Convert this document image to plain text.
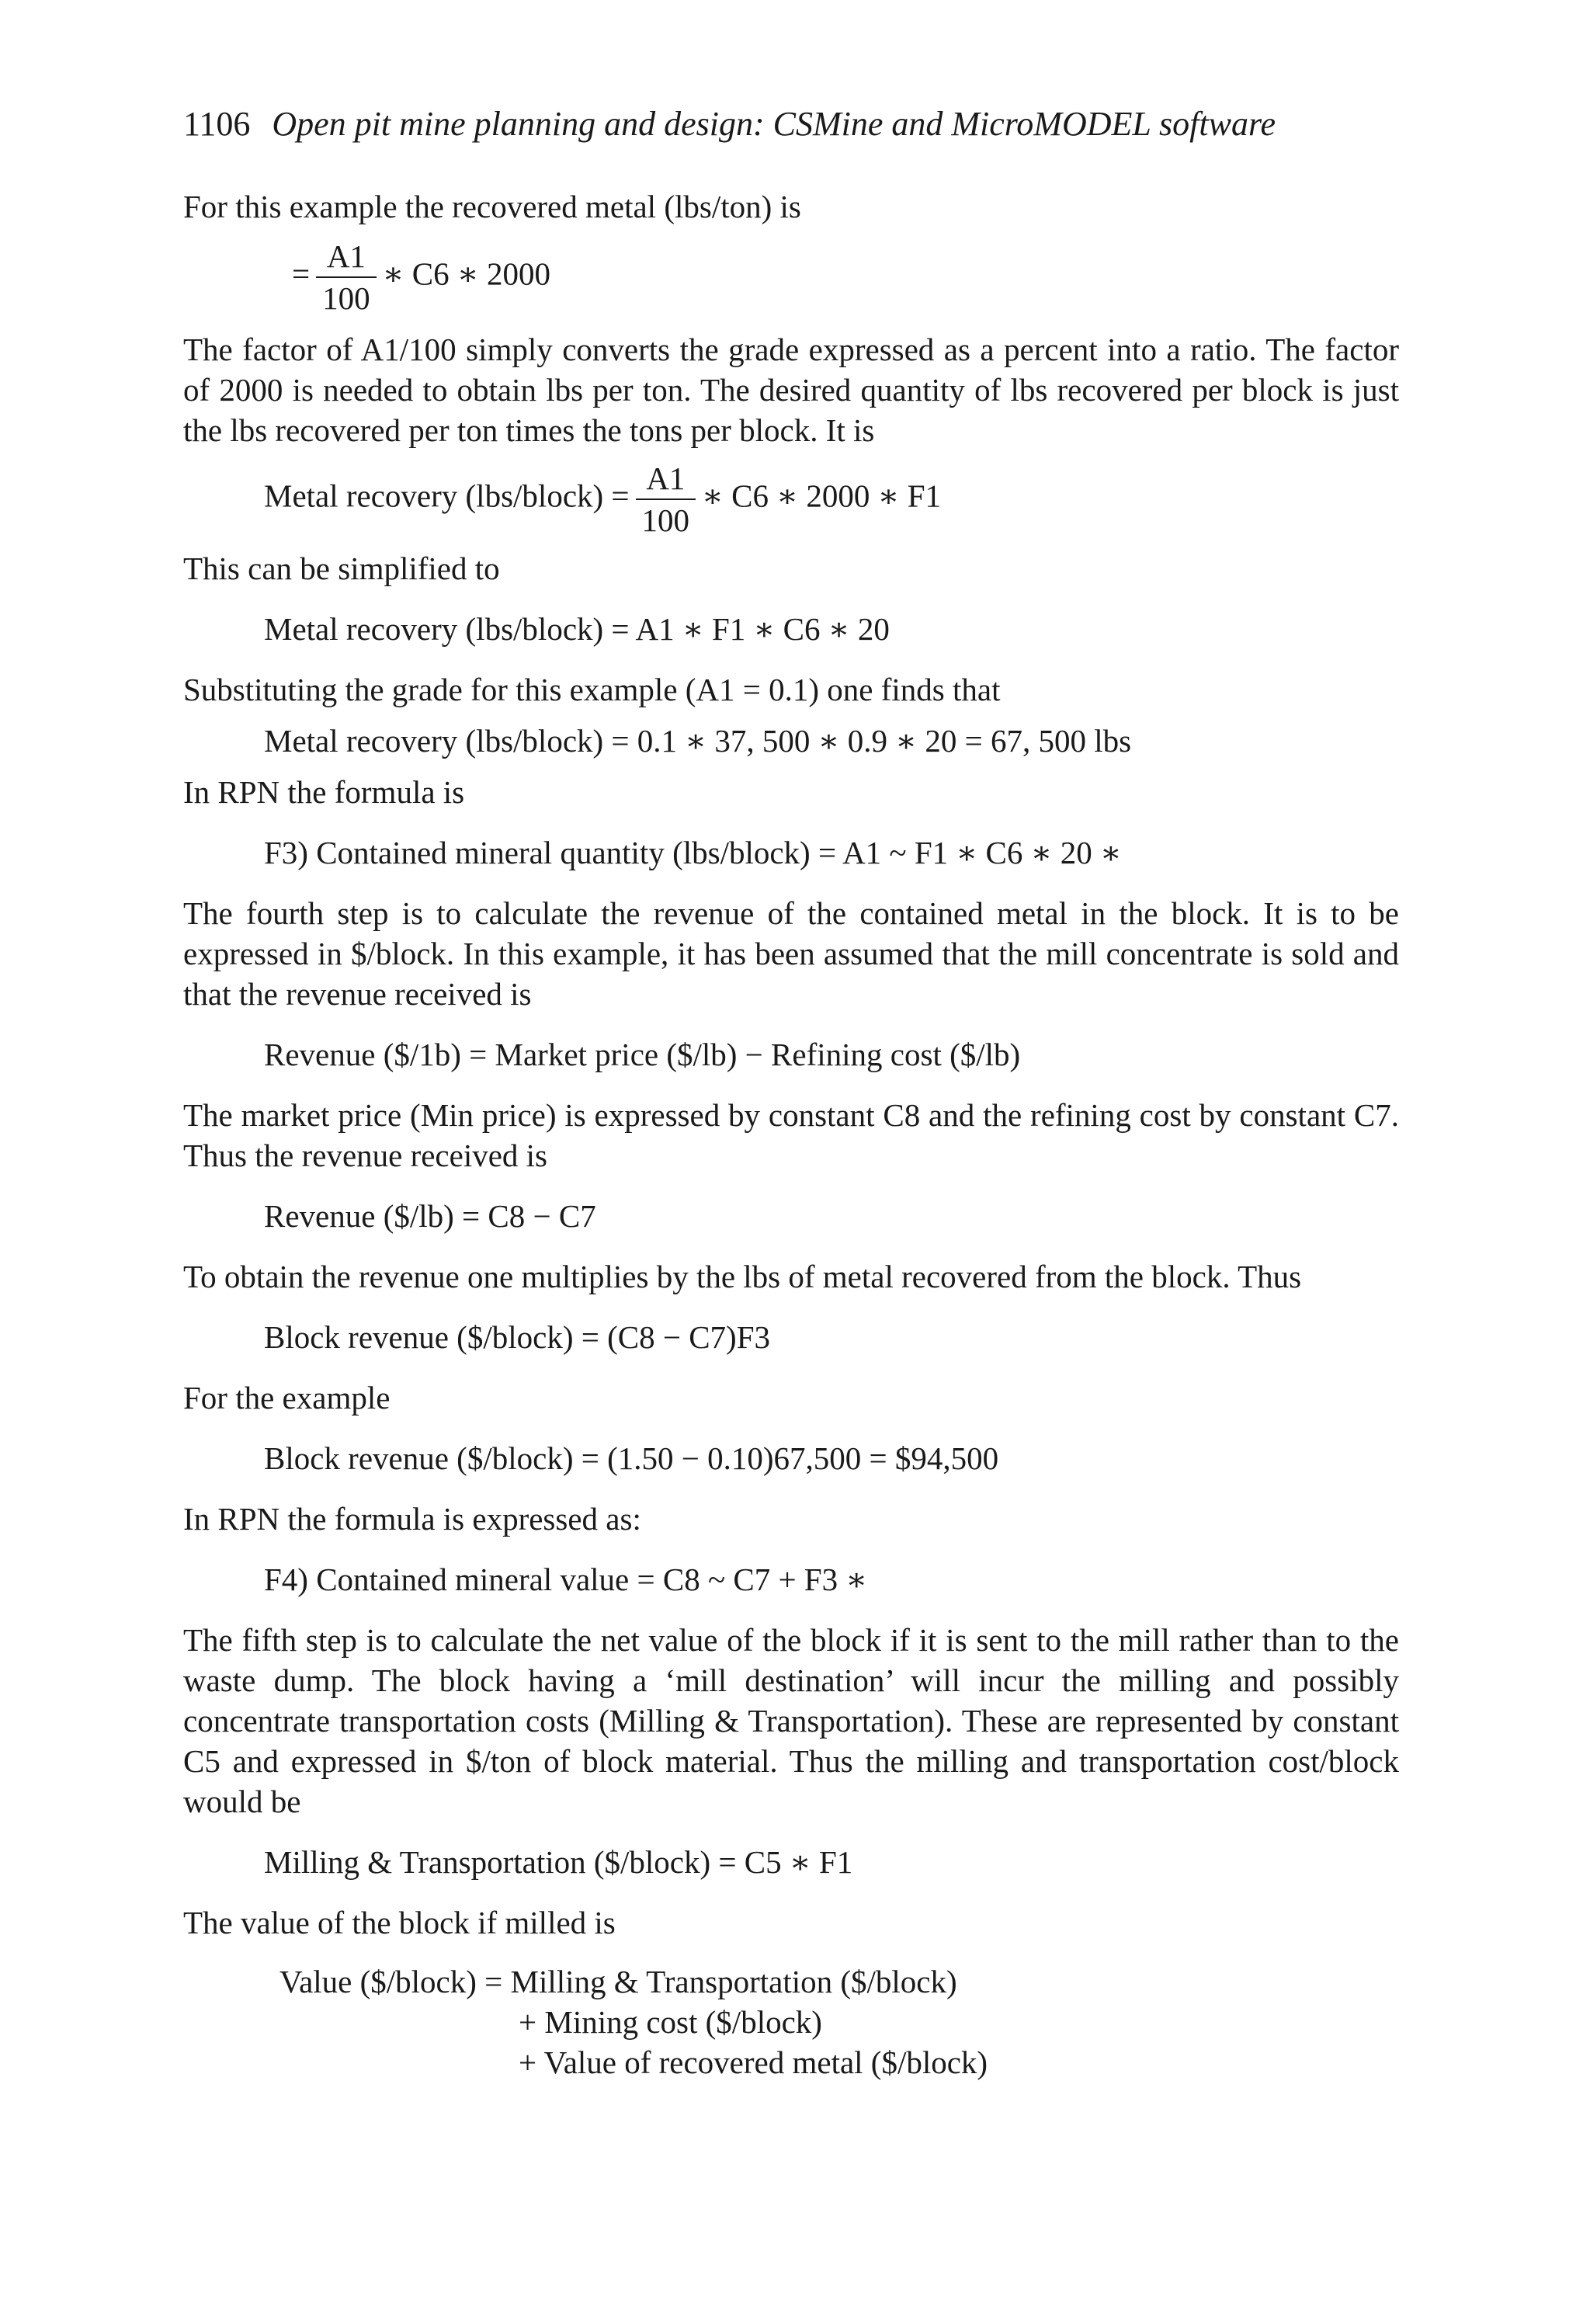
1106 Open pit mine planning and design: CSMine and MicroMODEL software
For this example the recovered metal (lbs/ton) is
= $\frac{A1}{100}$ ∗ C6 ∗ 2000
The factor of A1/100 simply converts the grade expressed as a percent into a ratio. The factor of 2000 is needed to obtain lbs per ton. The desired quantity of lbs recovered per block is just the lbs recovered per ton times the tons per block. It is
Metal recovery (lbs/block) = $\frac{A1}{100}$ ∗ C6 ∗ 2000 ∗ F1
This can be simplified to
Metal recovery (lbs/block) = A1 ∗ F1 ∗ C6 ∗ 20
Substituting the grade for this example (A1 = 0.1) one finds that
Metal recovery (lbs/block) = 0.1 ∗ 37, 500 ∗ 0.9 ∗ 20 = 67, 500 lbs
In RPN the formula is
F3) Contained mineral quantity (lbs/block) = A1 ~ F1 ∗ C6 ∗ 20 ∗
The fourth step is to calculate the revenue of the contained metal in the block. It is to be expressed in $/block. In this example, it has been assumed that the mill concentrate is sold and that the revenue received is
Revenue ($/1b) = Market price ($/lb) − Refining cost ($/lb)
The market price (Min price) is expressed by constant C8 and the refining cost by constant C7. Thus the revenue received is
Revenue ($/lb) = C8 − C7
To obtain the revenue one multiplies by the lbs of metal recovered from the block. Thus
Block revenue ($/block) = (C8 − C7)F3
For the example
Block revenue ($/block) = (1.50 − 0.10)67,500 = $94,500
In RPN the formula is expressed as:
F4) Contained mineral value = C8 ~ C7 + F3 ∗
The fifth step is to calculate the net value of the block if it is sent to the mill rather than to the waste dump. The block having a ‘mill destination’ will incur the milling and possibly concentrate transportation costs (Milling & Transportation). These are represented by constant C5 and expressed in $/ton of block material. Thus the milling and transportation cost/block would be
Milling & Transportation ($/block) = C5 ∗ F1
The value of the block if milled is
Value ($/block) = Milling & Transportation ($/block)
+ Mining cost ($/block)
+ Value of recovered metal ($/block)
